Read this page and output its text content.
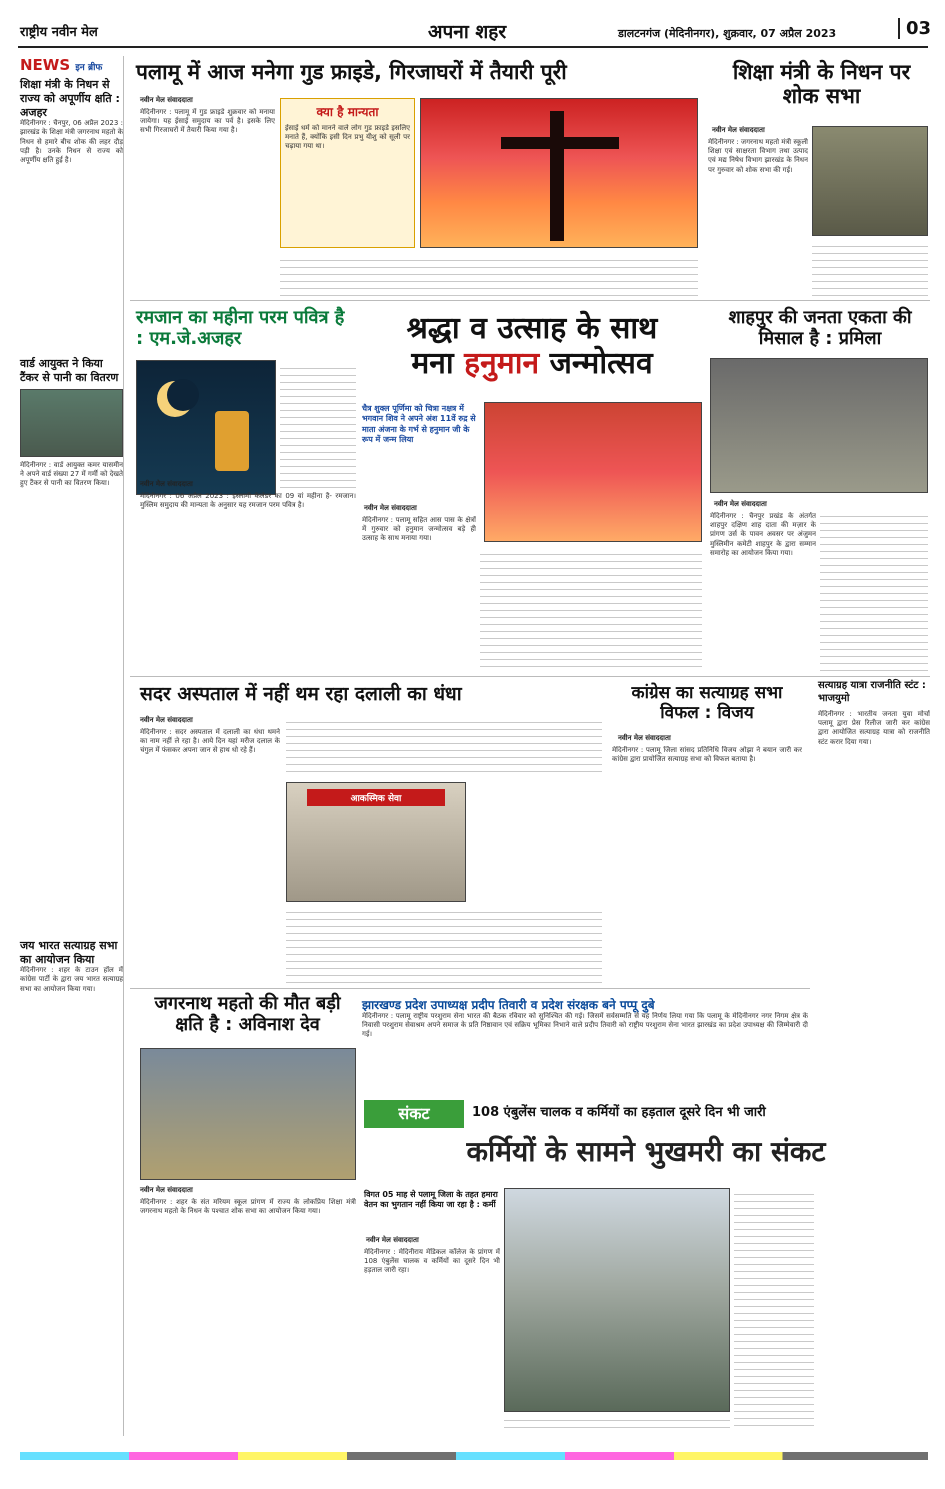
राष्ट्रीय नवीन मेल	अपना शहर	डालटनगंज (मेदिनीनगर), शुक्रवार, 07 अप्रैल 2023	03
NEWS इन ब्रीफ
शिक्षा मंत्री के निधन से राज्य को अपूर्णीय क्षति : अजहर
मेदिनीनगर : चैनपुर, 06 अप्रैल 2023 : झारखंड के शिक्षा मंत्री जगरनाथ महतो के निधन से हमारे बीच शोक की लहर दौड़ पड़ी है। उनके निधन से राज्य को अपूर्णीय क्षति हुई है।
वार्ड आयुक्त ने किया टैंकर से पानी का वितरण
मेदिनीनगर : वार्ड आयुक्त कमर यासमीन ने अपने वार्ड संख्या 27 में गर्मी को देखते हुए टैंकर से पानी का वितरण किया।
जय भारत सत्याग्रह सभा का आयोजन किया
मेदिनीनगर : शहर के टाउन हॉल में कांग्रेस पार्टी के द्वारा जय भारत सत्याग्रह सभा का आयोजन किया गया।
पलामू में आज मनेगा गुड फ्राइडे, गिरजाघरों में तैयारी पूरी
नवीन मेल संवाददाता
मेदिनीनगर : पलामू में गुड फ्राइडे शुक्रवार को मनाया जायेगा। यह ईसाई समुदाय का पर्व है। इसके लिए सभी गिरजाघरों में तैयारी किया गया है।
क्या है मान्यता
ईसाई धर्म को मानने वाले लोग गुड फ्राइडे इसलिए मनाते हैं, क्योंकि इसी दिन प्रभु यीशु को सूली पर चढ़ाया गया था।
शिक्षा मंत्री के निधन पर शोक सभा
नवीन मेल संवाददाता
मेदिनीनगर : जगरनाथ महतो मंत्री स्कूली शिक्षा एवं साक्षरता विभाग तथा उत्पाद एवं मद्य निषेध विभाग झारखंड के निधन पर गुरुवार को शोक सभा की गई।
रमजान का महीना परम पवित्र है : एम.जे.अजहर
नवीन मेल संवाददाता
मेदिनीनगर : 06 अप्रैल 2023 : इस्लामी कैलेंडर का 09 वां महीना है- रमजान। मुस्लिम समुदाय की मान्यता के अनुसार यह रमजान परम पवित्र है।
श्रद्धा व उत्साह के साथ
मना हनुमान जन्मोत्सव
चैत्र शुक्ल पूर्णिमा को चित्रा नक्षत्र में भगवान शिव ने अपने अंश 11वें रुद्र से माता अंजना के गर्भ से हनुमान जी के रूप में जन्म लिया
नवीन मेल संवाददाता
मेदिनीनगर : पलामू सहित आस पास के क्षेत्रों में गुरुवार को हनुमान जन्मोत्सव बड़े ही उत्साह के साथ मनाया गया।
शाहपुर की जनता एकता की मिसाल है : प्रमिला
नवीन मेल संवाददाता
मेदिनीनगर : चैनपुर प्रखंड के अंतर्गत शाहपुर दक्षिण शाह दाता की मज़ार के प्रांगण उर्स के पावन अवसर पर अंजुमन मुस्लिमीन कमेटी शाहपुर के द्वारा सम्मान समारोह का आयोजन किया गया।
सदर अस्पताल में नहीं थम रहा दलाली का धंधा
नवीन मेल संवाददाता
मेदिनीनगर : सदर अस्पताल में दलाली का धंधा थमने का नाम नहीं ले रहा है। आये दिन यहां मरीज दलाल के चंगुल में फंसकर अपना जान से हाथ धो रहे हैं।
आकस्मिक सेवा
कांग्रेस का सत्याग्रह सभा विफल : विजय
नवीन मेल संवाददाता
मेदिनीनगर : पलामू जिला सांसद प्रतिनिधि विजय ओझा ने बयान जारी कर कांग्रेस द्वारा प्रायोजित सत्याग्रह सभा को विफल बताया है।
सत्याग्रह यात्रा राजनीति स्टंट : भाजयुमो
मेदिनीनगर : भारतीय जनता युवा मोर्चा पलामू द्वारा प्रेस रिलीज जारी कर कांग्रेस द्वारा आयोजित सत्याग्रह यात्रा को राजनीति स्टंट करार दिया गया।
जगरनाथ महतो की मौत बड़ी क्षति है : अविनाश देव
नवीन मेल संवाददाता
मेदिनीनगर : शहर के संत मरियम स्कूल प्रांगण में राज्य के लोकप्रिय शिक्षा मंत्री जगरनाथ महतो के निधन के पश्चात शोक सभा का आयोजन किया गया।
झारखण्ड प्रदेश उपाध्यक्ष प्रदीप तिवारी व प्रदेश संरक्षक बने पप्पू दुबे
मेदिनीनगर : पलामू राष्ट्रीय परशुराम सेना भारत की बैठक रविवार को सुनिश्चित की गई। जिसमें सर्वसम्मति से यह निर्णय लिया गया कि पलामू के मेदिनीनगर नगर निगम क्षेत्र के निवासी परशुराम सेवाश्रम अपने समाज के प्रति निष्ठावान एवं सक्रिय भूमिका निभाने वाले प्रदीप तिवारी को राष्ट्रीय परशुराम सेना भारत झारखंड का प्रदेश उपाध्यक्ष की जिम्मेवारी दी गई।
संकट	108 एंबुलेंस चालक व कर्मियों का हड़ताल दूसरे दिन भी जारी
कर्मियों के सामने भुखमरी का संकट
विगत 05 माह से पलामू जिला के तहत हमारा वेतन का भुगतान नहीं किया जा रहा है : कर्मी
नवीन मेल संवाददाता
मेदिनीनगर : मेदिनीराय मेडिकल कॉलेज के प्रांगण में 108 एंबुलेंस चालक व कर्मियों का दूसरे दिन भी हड़ताल जारी रहा।
